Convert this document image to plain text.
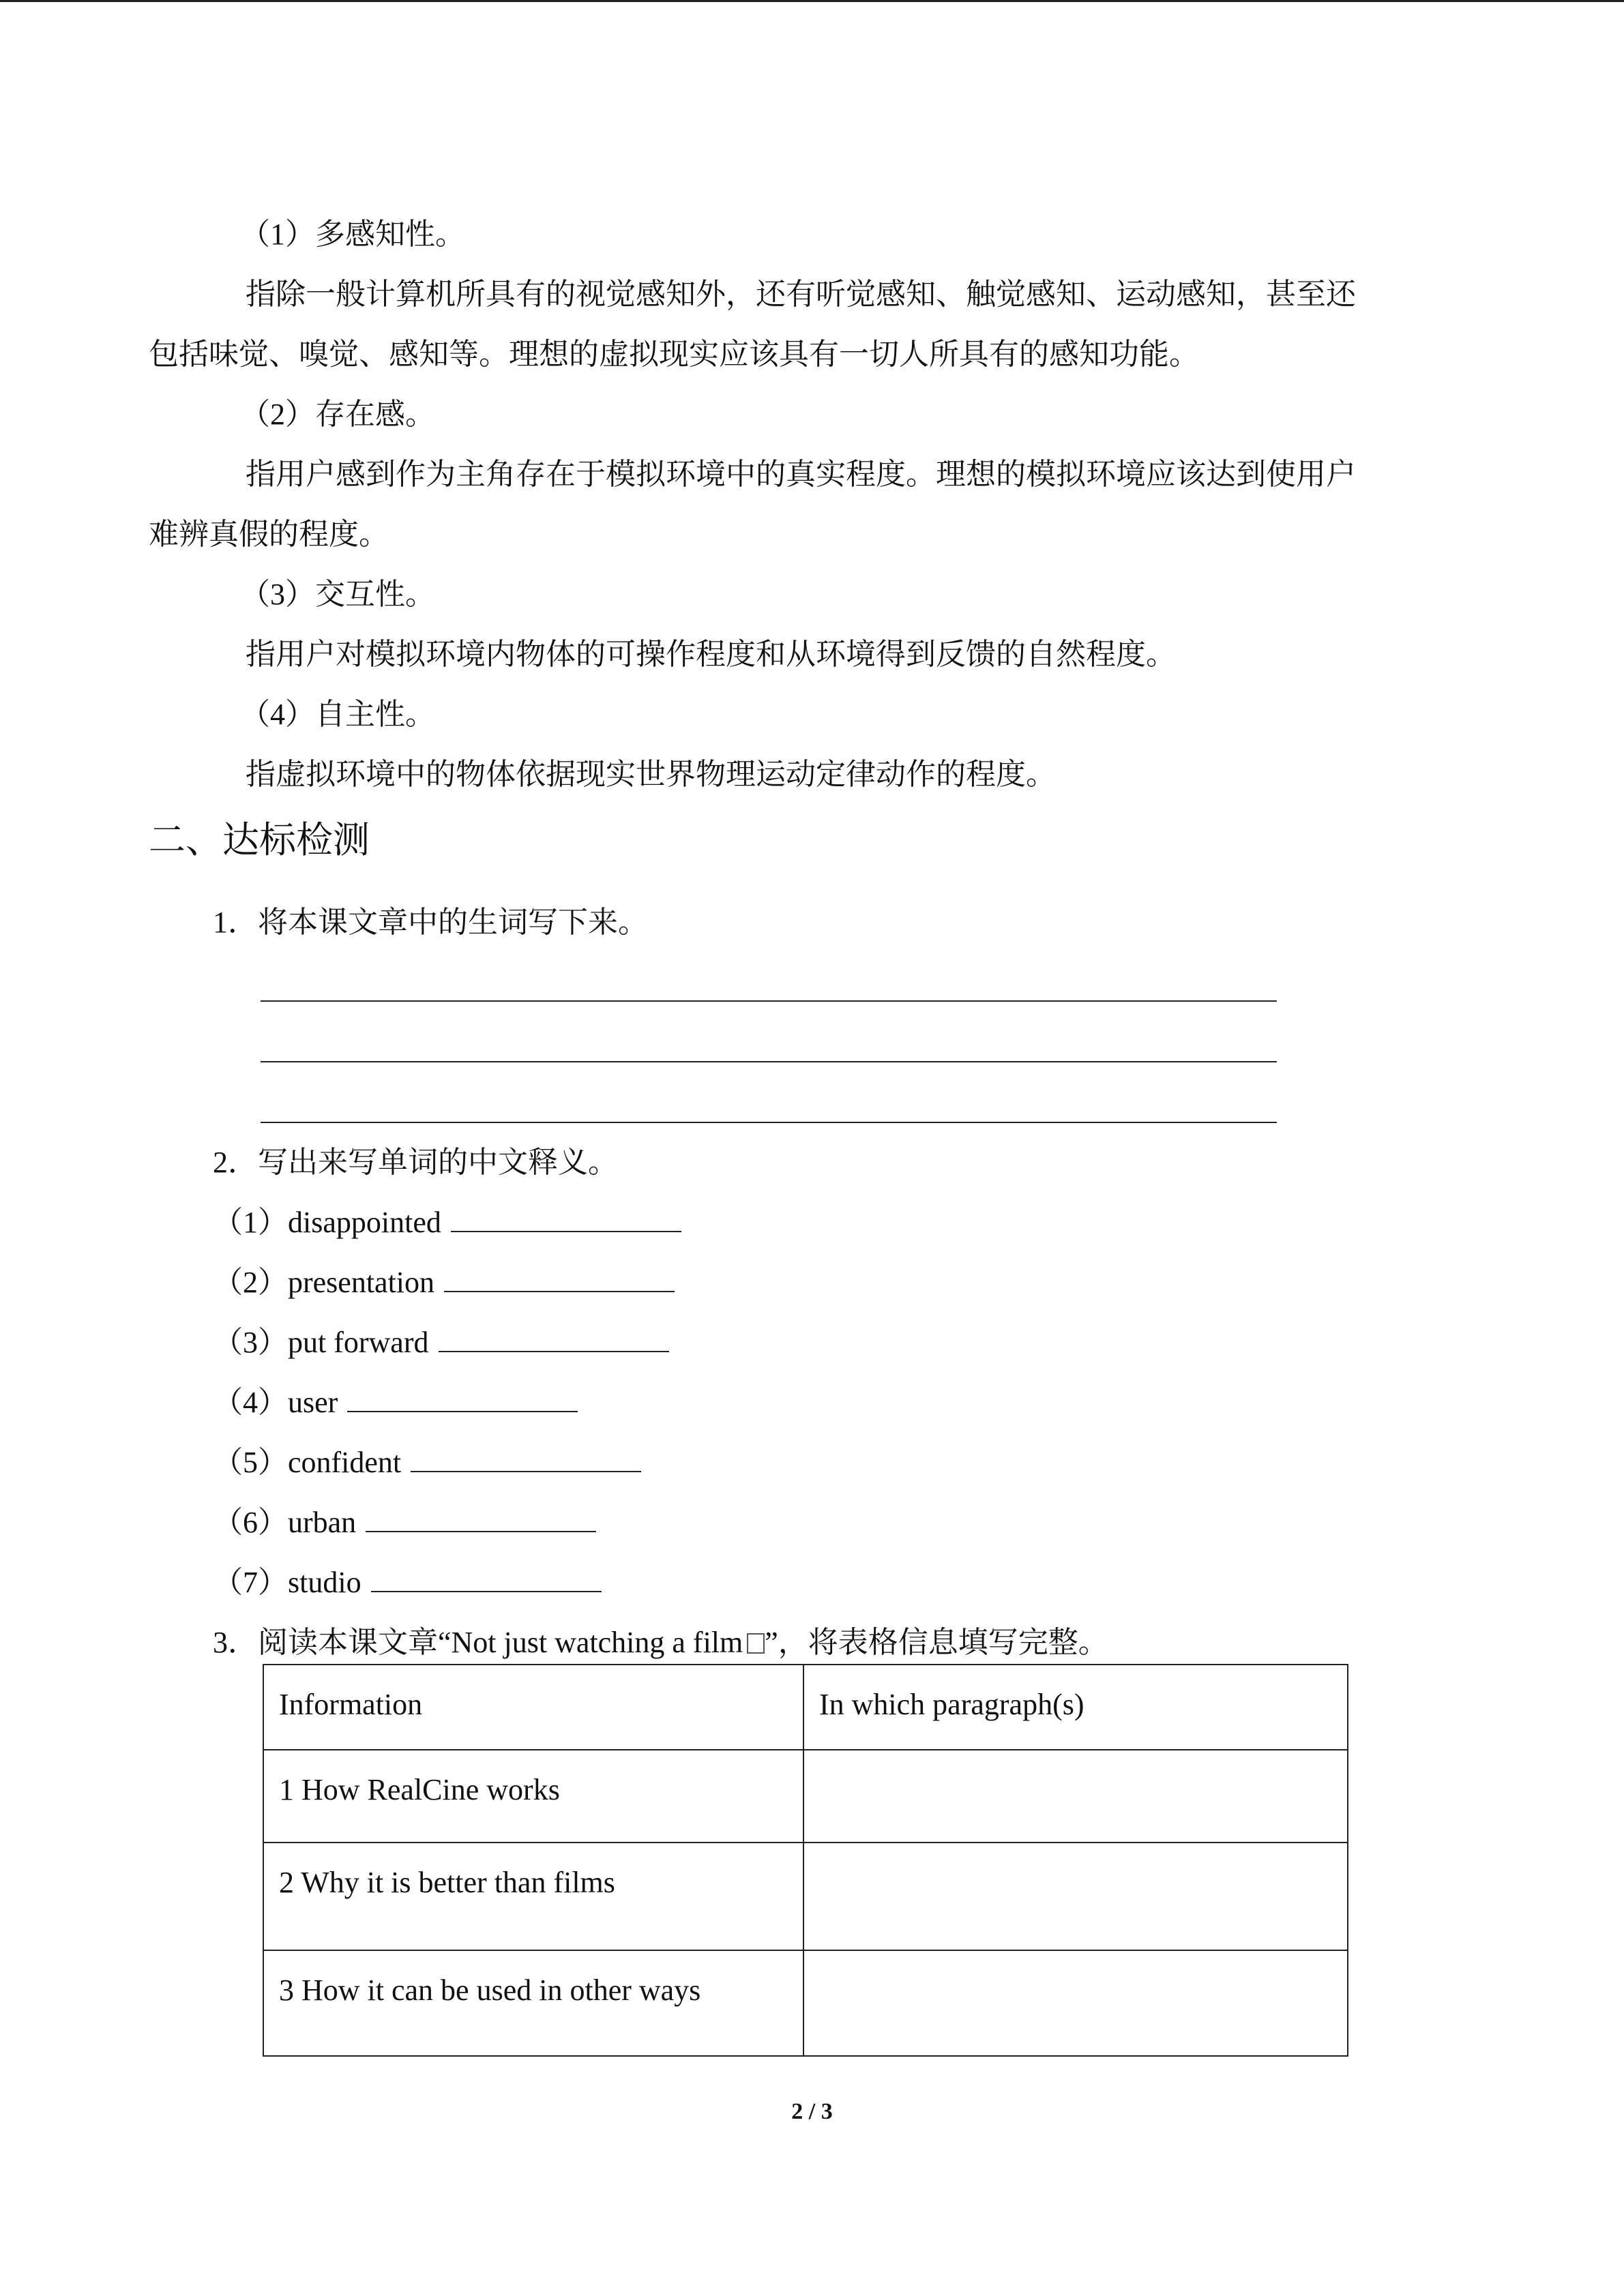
（1）多感知性。
指除一般计算机所具有的视觉感知外，还有听觉感知、触觉感知、运动感知，甚至还
包括味觉、嗅觉、感知等。理想的虚拟现实应该具有一切人所具有的感知功能。
（2）存在感。
指用户感到作为主角存在于模拟环境中的真实程度。理想的模拟环境应该达到使用户
难辨真假的程度。
（3）交互性。
指用户对模拟环境内物体的可操作程度和从环境得到反馈的自然程度。
（4）自主性。
指虚拟环境中的物体依据现实世界物理运动定律动作的程度。
二、达标检测
1．将本课文章中的生词写下来。
2．写出来写单词的中文释义。
（1）disappointed
（2）presentation
（3）put forward
（4）user
（5）confident
（6）urban
（7）studio
3．阅读本课文章“Not just watching a film ”，将表格信息填写完整。
Information	In which paragraph(s)
1 How RealCine works	
2 Why it is better than films	
3 How it can be used in other ways	
2 / 3
